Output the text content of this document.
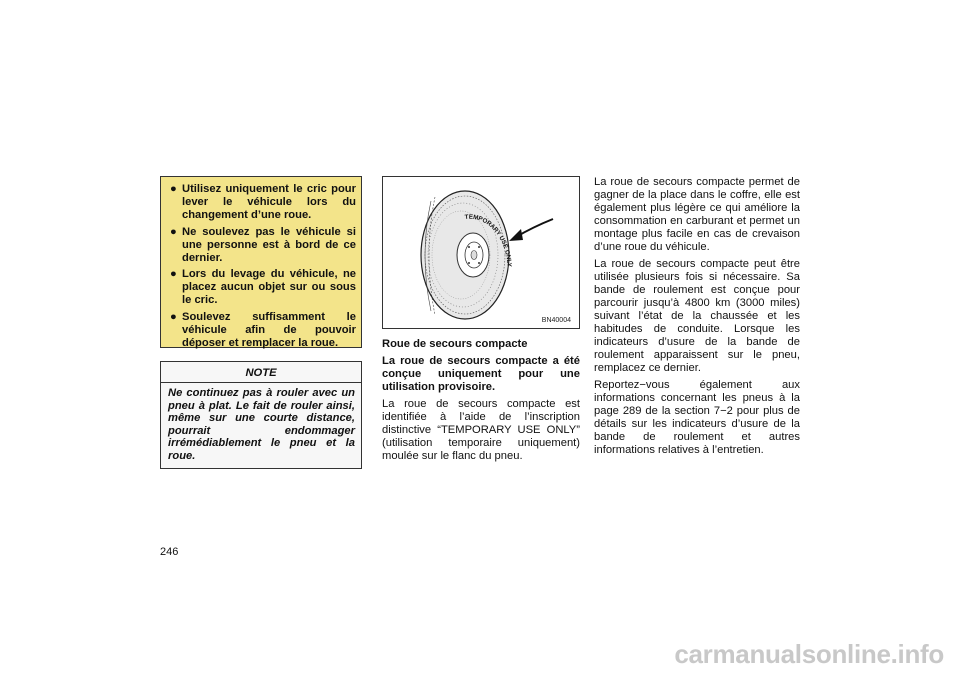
● Utilisez uniquement le cric pour lever le véhicule lors du changement d’une roue.
● Ne soulevez pas le véhicule si une personne est à bord de ce dernier.
● Lors du levage du véhicule, ne placez aucun objet sur ou sous le cric.
● Soulevez suffisamment le véhicule afin de pouvoir déposer et remplacer la roue.
NOTE
Ne continuez pas à rouler avec un pneu à plat. Le fait de rouler ainsi, même sur une courte distance, pourrait endommager irrémédiablement le pneu et la roue.
246
TEMPORARY USE ONLY
BN40004

Roue de secours compacte

La roue de secours compacte a été conçue uniquement pour une utilisation provisoire.

La roue de secours compacte est identifiée à l’aide de l’inscription distinctive “TEMPORARY USE ONLY” (utilisation temporaire uniquement) moulée sur le flanc du pneu.

La roue de secours compacte permet de gagner de la place dans le coffre, elle est également plus légère ce qui améliore la consommation en carburant et permet un montage plus facile en cas de crevaison d’une roue du véhicule.

La roue de secours compacte peut être utilisée plusieurs fois si nécessaire. Sa bande de roulement est conçue pour parcourir jusqu’à 4800 km (3000 miles) suivant l’état de la chaussée et les habitudes de conduite. Lorsque les indicateurs d’usure de la bande de roulement apparaissent sur le pneu, remplacez ce dernier.

Reportez−vous également aux informations concernant les pneus à la page 289 de la section 7−2 pour plus de détails sur les indicateurs d’usure de la bande de roulement et autres informations relatives à l’entretien.

carmanualsonline.info
